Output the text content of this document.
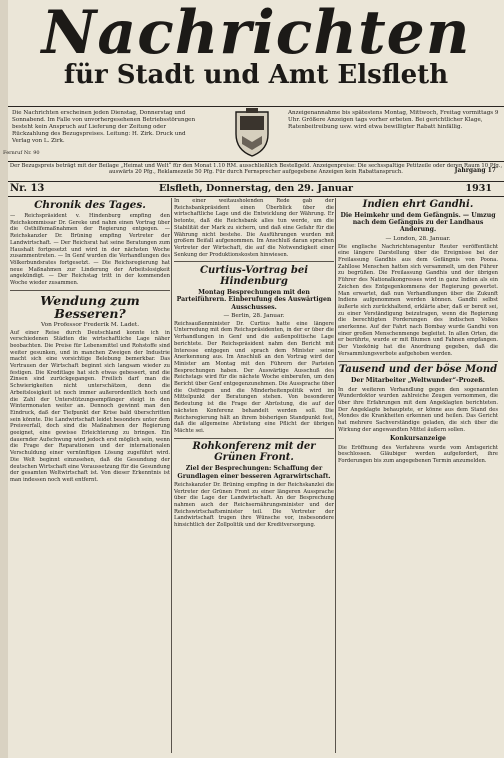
Nachrichten
für Stadt und Amt Elsfleth
Fernruf Nr. 90
Die Nachrichten erscheinen jeden Dienstag, Donnerstag und Sonnabend. Im Falle von unvorhergesehenen Betriebsstörungen besteht kein Anspruch auf Lieferung der Zeitung oder Rückzahlung des Bezugspreises. Leitung: H. Zirk. Druck und Verlag von L. Zirk.
Anzeigenannahme bis spätestens Montag, Mittwoch, Freitag vormittags 9 Uhr. Größere Anzeigen tags vorher erbeten. Bei gerichtlicher Klage, Ratenbeitreibung usw. wird etwa bewilligter Rabatt hinfällig.
Der Bezugspreis beträgt mit der Beilage „Heimat und Welt“ für den Monat 1.10 RM. ausschließlich Bestellgeld. Anzeigenpreise: Die sechsspaltige Petitzeile oder deren Raum 10 Pfg., auswärts 20 Pfg., Reklamezeile 50 Pfg. Für durch Fernsprecher aufgegebene Anzeigen kein Rabattanspruch.	Jahrgang 17
Nr. 13	Elsfleth, Donnerstag, den 29. Januar	1931
Chronik des Tages.
— Reichspräsident v. Hindenburg empfing den Reichskommissar Dr. Gereke und nahm einen Vortrag über die Osthilfemaßnahmen der Regierung entgegen. — Reichskanzler Dr. Brüning empfing Vertreter der Landwirtschaft. — Der Reichsrat hat seine Beratungen zum Haushalt fortgesetzt und wird in der nächsten Woche zusammentreten. — In Genf wurden die Verhandlungen des Völkerbundsrates fortgesetzt. — Die Reichsregierung hat neue Maßnahmen zur Linderung der Arbeitslosigkeit angekündigt. — Der Reichstag tritt in der kommenden Woche wieder zusammen.
Wendung zum Besseren?
Von Professor Frederik M. Ladet.
Auf einer Reise durch Deutschland konnte ich in verschiedenen Städten die wirtschaftliche Lage näher beobachten. Die Preise für Lebensmittel und Rohstoffe sind weiter gesunken, und in manchen Zweigen der Industrie macht sich eine vorsichtige Belebung bemerkbar. Das Vertrauen der Wirtschaft beginnt sich langsam wieder zu festigen. Die Kreditlage hat sich etwas gebessert, und die Zinsen sind zurückgegangen. Freilich darf man die Schwierigkeiten nicht unterschätzen, denn die Arbeitslosigkeit ist noch immer außerordentlich hoch und die Zahl der Unterstützungsempfänger steigt in den Wintermonaten weiter an. Dennoch gewinnt man den Eindruck, daß der Tiefpunkt der Krise bald überschritten sein könnte. Die Landwirtschaft leidet besonders unter dem Preisverfall, doch sind die Maßnahmen der Regierung geeignet, eine gewisse Erleichterung zu bringen. Ein dauernder Aufschwung wird jedoch erst möglich sein, wenn die Frage der Reparationen und der internationalen Verschuldung einer vernünftigen Lösung zugeführt wird. Die Welt beginnt einzusehen, daß die Gesundung der deutschen Wirtschaft eine Voraussetzung für die Gesundung der gesamten Weltwirtschaft ist. Von dieser Erkenntnis ist man indessen noch weit entfernt.
In einer weitausholenden Rede gab der Reichsbankpräsident einen Überblick über die wirtschaftliche Lage und die Entwicklung der Währung. Er betonte, daß die Reichsbank alles tun werde, um die Stabilität der Mark zu sichern, und daß eine Gefahr für die Währung nicht bestehe. Die Ausführungen wurden mit großem Beifall aufgenommen. Im Anschluß daran sprachen Vertreter der Wirtschaft, die auf die Notwendigkeit einer Senkung der Produktionskosten hinwiesen.
Curtius-Vortrag bei Hindenburg
Montag Besprechungen mit den Parteiführern. Einberufung des Auswärtigen Ausschusses.
— Berlin, 28. Januar.
Reichsaußenminister Dr. Curtius hatte eine längere Unterredung mit dem Reichspräsidenten, in der er über die Verhandlungen in Genf und die außenpolitische Lage berichtete. Der Reichspräsident nahm den Bericht mit Interesse entgegen und sprach dem Minister seine Anerkennung aus. Im Anschluß an den Vortrag wird der Minister am Montag mit den Führern der Parteien Besprechungen haben. Der Auswärtige Ausschuß des Reichstags wird für die nächste Woche einberufen, um den Bericht über Genf entgegenzunehmen. Die Aussprache über die Ostfragen und die Minderheitenpolitik wird im Mittelpunkt der Beratungen stehen. Von besonderer Bedeutung ist die Frage der Abrüstung, die auf der nächsten Konferenz behandelt werden soll. Die Reichsregierung hält an ihrem bisherigen Standpunkt fest, daß die allgemeine Abrüstung eine Pflicht der übrigen Mächte sei.
Rohkonferenz mit der Grünen Front.
Ziel der Besprechungen: Schaffung der Grundlagen einer besseren Agrarwirtschaft.
Reichskanzler Dr. Brüning empfing in der Reichskanzlei die Vertreter der Grünen Front zu einer längeren Aussprache über die Lage der Landwirtschaft. An der Besprechung nahmen auch der Reichsernährungsminister und der Reichswirtschaftsminister teil. Die Vertreter der Landwirtschaft trugen ihre Wünsche vor, insbesondere hinsichtlich der Zollpolitik und der Kreditversorgung.
Indien ehrt Gandhi.
Die Heimkehr und dem Gefängnis. — Umzug nach dem Gefängnis zu der Landhaus Anderung.
— London, 28. Januar.
Die englische Nachrichtenagentur Reuter veröffentlicht eine längere Darstellung über die Ereignisse bei der Freilassung Gandhis aus dem Gefängnis von Poona. Zahllose Menschen hatten sich versammelt, um den Führer zu begrüßen. Die Freilassung Gandhis und der übrigen Führer des Nationalkongresses wird in ganz Indien als ein Zeichen des Entgegenkommens der Regierung gewertet. Man erwartet, daß nun Verhandlungen über die Zukunft Indiens aufgenommen werden können. Gandhi selbst äußerte sich zurückhaltend, erklärte aber, daß er bereit sei, zu einer Verständigung beizutragen, wenn die Regierung die berechtigten Forderungen des indischen Volkes anerkenne. Auf der Fahrt nach Bombay wurde Gandhi von einer großen Menschenmenge begleitet. In allen Orten, die er berührte, wurde er mit Blumen und Fahnen empfangen. Der Vizekönig hat die Anordnung gegeben, daß die Versammlungsverbote aufgehoben werden.
Tausend und der böse Mond
Der Mitarbeiter „Weltwunder“-Prozeß.
In der weiteren Verhandlung gegen den sogenannten Wunderdoktor wurden zahlreiche Zeugen vernommen, die über ihre Erfahrungen mit dem Angeklagten berichteten. Der Angeklagte behauptete, er könne aus dem Stand des Mondes die Krankheiten erkennen und heilen. Das Gericht hat mehrere Sachverständige geladen, die sich über die Wirkung der angewandten Mittel äußern sollen.
Konkursanzeige
Die Eröffnung des Verfahrens wurde vom Amtsgericht beschlossen. Gläubiger werden aufgefordert, ihre Forderungen bis zum angegebenen Termin anzumelden.
